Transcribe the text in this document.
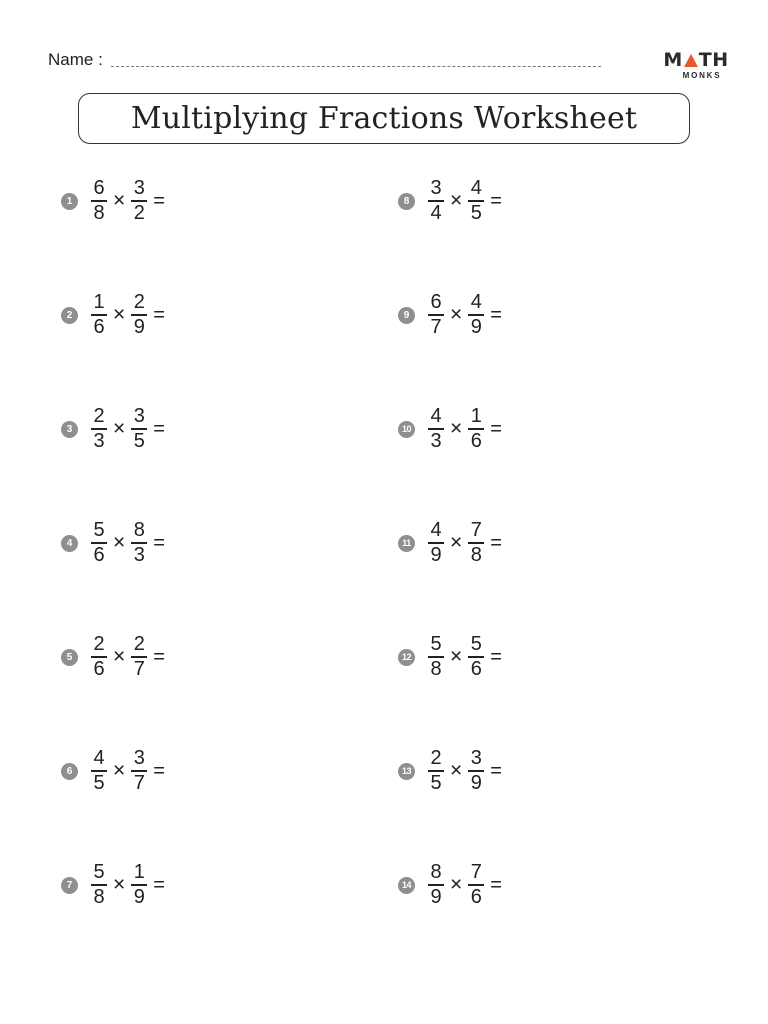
Name :	M TH
MONKS
Multiplying Fractions Worksheet
$1 \frac{6}{8} \times \frac{3}{2}$ =
$2 \frac{1}{6} \times \frac{2}{9}$ =
$3 \frac{2}{3} \times \frac{3}{5}$ =
$4 \frac{5}{6} \times \frac{8}{3}$ =
$5 \frac{2}{6} \times \frac{2}{7}$ =
$6 \frac{4}{5} \times \frac{3}{7}$ =
$7 \frac{5}{8} \times \frac{1}{9}$ =
$8 \frac{3}{4} \times \frac{4}{5}$ =
$9 \frac{6}{7} \times \frac{4}{9}$ =
$10 \frac{4}{3} \times \frac{1}{6}$ =
$11 \frac{4}{9} \times \frac{7}{8}$ =
$12 \frac{5}{8} \times \frac{5}{6}$ =
$13 \frac{2}{5} \times \frac{3}{9}$ =
$14 \frac{8}{9} \times \frac{7}{6}$ =
